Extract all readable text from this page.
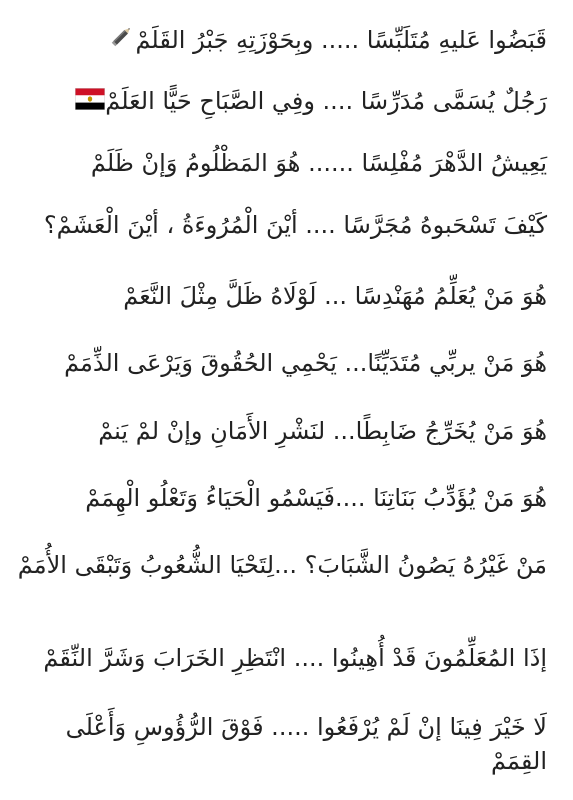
قَبَضُوا عَليهِ مُتَلَبِّسًا ..... وبِحَوْزَتِهِ جَبْرُ القَلَمْ
رَجُلٌ يُسَمَّى مُدَرِّسًا .... وفِي الصَّبَاحِ حَيًّا العَلَمْ
يَعِيشُ الدَّهْرَ مُفْلِسًا ...... هُوَ المَظْلُومُ وَإنْ ظَلَمْ
كَيْفَ تَسْحَبوهُ مُجَرَّسًا .... أيْنَ الْمُرُوءَةُ ، أيْنَ الْعَشَمْ؟
هُوَ مَنْ يُعَلِّمُ مُهَنْدِسًا ... لَوْلَاهُ ظَلَّ مِثْلَ النَّعَمْ
هُوَ مَنْ يربِّي مُتَدَيِّنًا... يَحْمِي الحُقُوقَ وَيَرْعَى الذِّمَمْ
هُوَ مَنْ يُخَرِّجُ ضَابِطًا... لنَشْرِ الأَمَانِ وإنْ لمْ يَنمْ
هُوَ مَنْ يُؤَدِّبُ بَنَاتِنَا ....فَيَسْمُو الْحَيَاءُ وَتَعْلُو الْهِمَمْ
مَنْ غَيْرُهُ يَصُونُ الشَّبَابَ؟ ...لِتَحْيَا الشُّعُوبُ وَتَبْقَى الأُمَمْ
إذَا المُعَلِّمُونَ قَدْ أُهِينُوا .... انْتَظِرِ الخَرَابَ وَشَرَّ النِّقَمْ
لَا خَيْرَ فِينَا إنْ لَمْ يُرْفَعُوا ..... فَوْقَ الرُّؤُوسِ وَأَعْلَى القِمَمْ
